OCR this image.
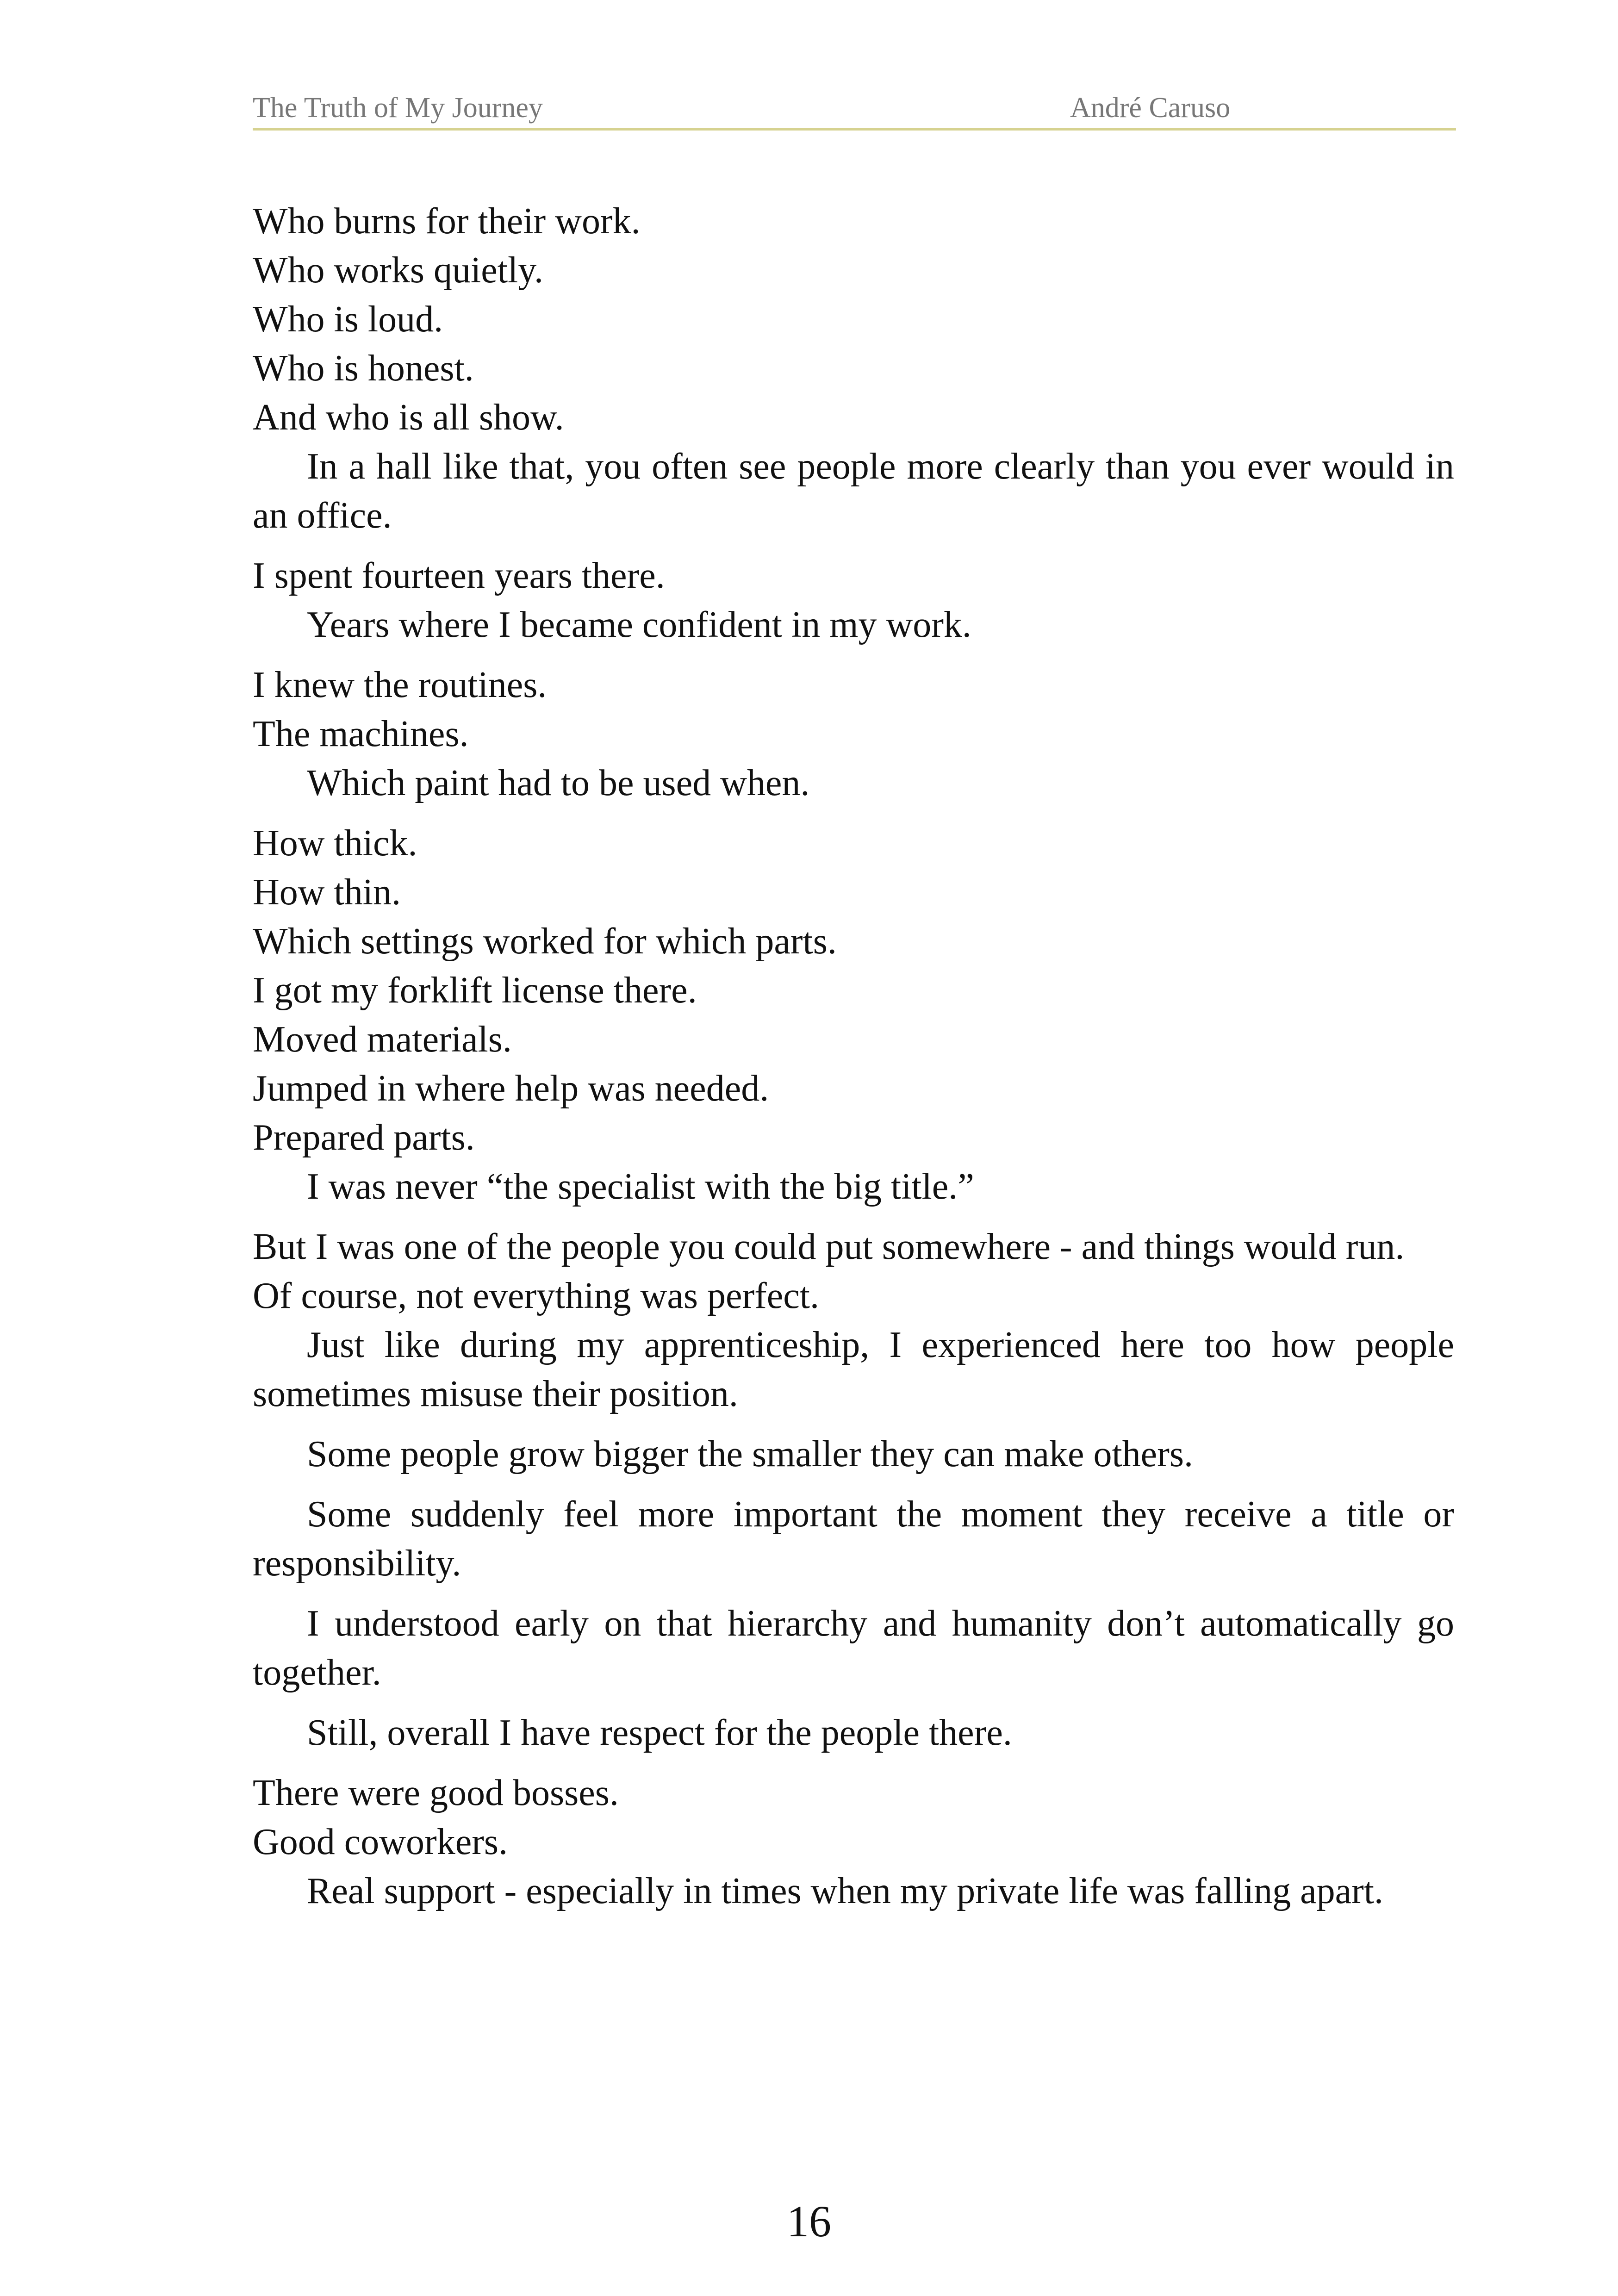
The Truth of My Journey	André Caruso

Who burns for their work.

Who works quietly.

Who is loud.

Who is honest.

And who is all show.

In a hall like that, you often see people more clearly than you ever would in an office.

I spent fourteen years there.

Years where I became confident in my work.

I knew the routines.

The machines.

Which paint had to be used when.

How thick.

How thin.

Which settings worked for which parts.

I got my forklift license there.

Moved materials.

Jumped in where help was needed.

Prepared parts.

I was never “the specialist with the big title.”

But I was one of the people you could put somewhere - and things would run.

Of course, not everything was perfect.

Just like during my apprenticeship, I experienced here too how people sometimes misuse their position.

Some people grow bigger the smaller they can make others.

Some suddenly feel more important the moment they receive a title or responsibility.

I understood early on that hierarchy and humanity don’t automatically go together.

Still, overall I have respect for the people there.

There were good bosses.

Good coworkers.

Real support - especially in times when my private life was falling apart.

16
